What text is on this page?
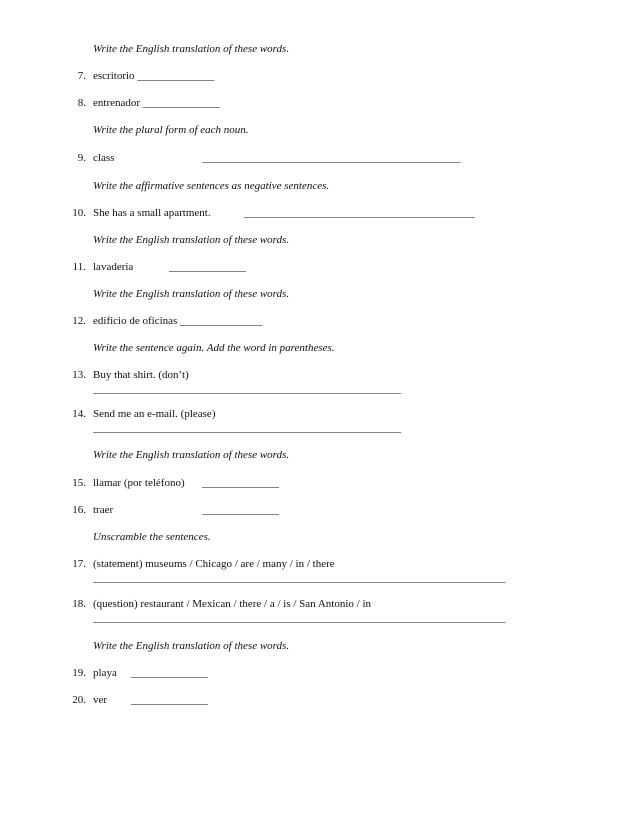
Write the English translation of these words.
7. escritorio ______________
8. entrenador ______________
Write the plural form of each noun.
9. class	_______________________________________________
Write the affirmative sentences as negative sentences.
10. She has a small apartment.	__________________________________________
Write the English translation of these words.
11. lavaderia	______________
Write the English translation of these words.
12. edificio de oficinas _______________
Write the sentence again. Add the word in parentheses.
13. Buy that shirt. (don’t)
________________________________________________________
14. Send me an e-mail. (please)
________________________________________________________
Write the English translation of these words.
15. llamar (por teléfono) ______________
16. traer	______________
Unscramble the sentences.
17. (statement) museums / Chicago / are / many / in / there
___________________________________________________________________________
18. (question) restaurant / Mexican / there / a / is / San Antonio / in
___________________________________________________________________________
Write the English translation of these words.
19. playa ______________
20. ver ______________
